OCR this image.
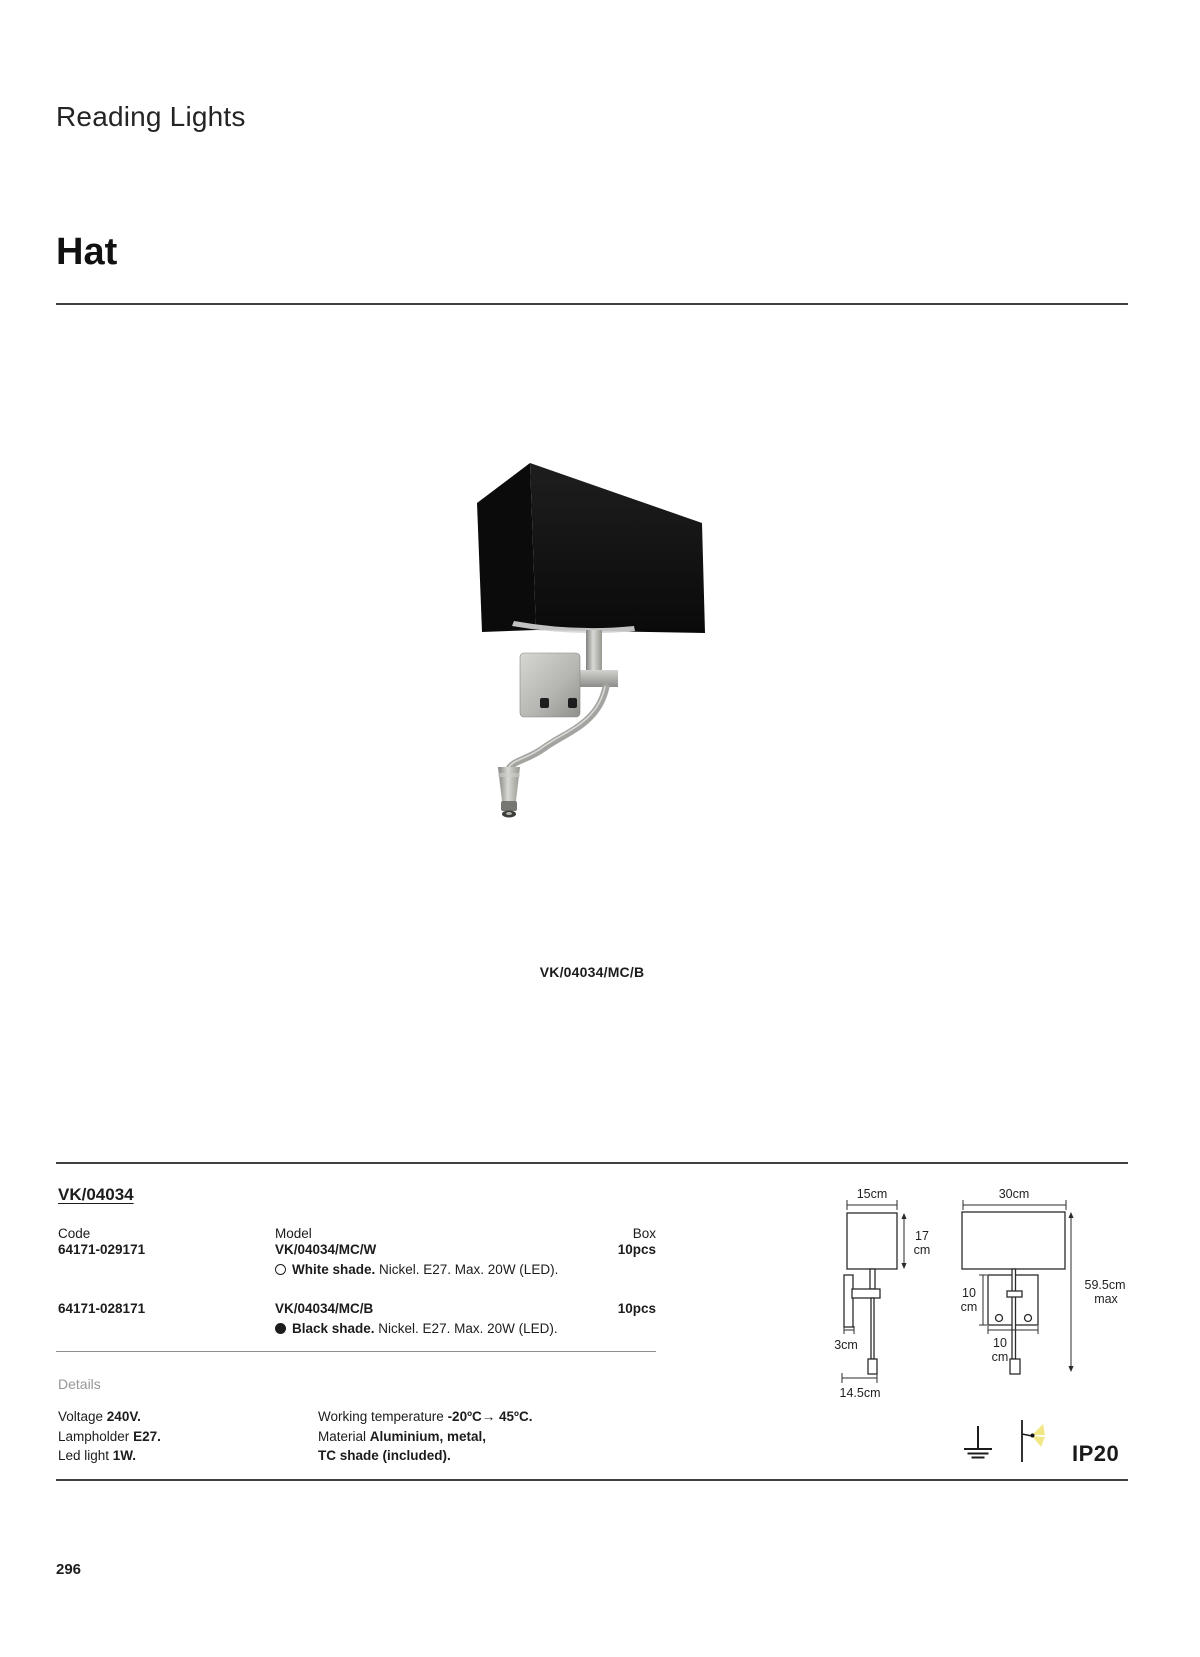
Reading Lights
Hat
VK/04034/MC/B
VK/04034
Code	Model	Box
64171-029171	VK/04034/MC/W	10pcs
White shade. Nickel. E27. Max. 20W (LED).
64171-028171	VK/04034/MC/B	10pcs
Black shade. Nickel. E27. Max. 20W (LED).
Details
Voltage 240V.
Lampholder E27.
Led light 1W.
Working temperature -20ºC→ 45ºC.
Material Aluminium, metal,
TC shade (included).
15cm
17
cm
3cm
14.5cm
30cm
10
cm
10
cm
59.5cm
max
IP20
296
